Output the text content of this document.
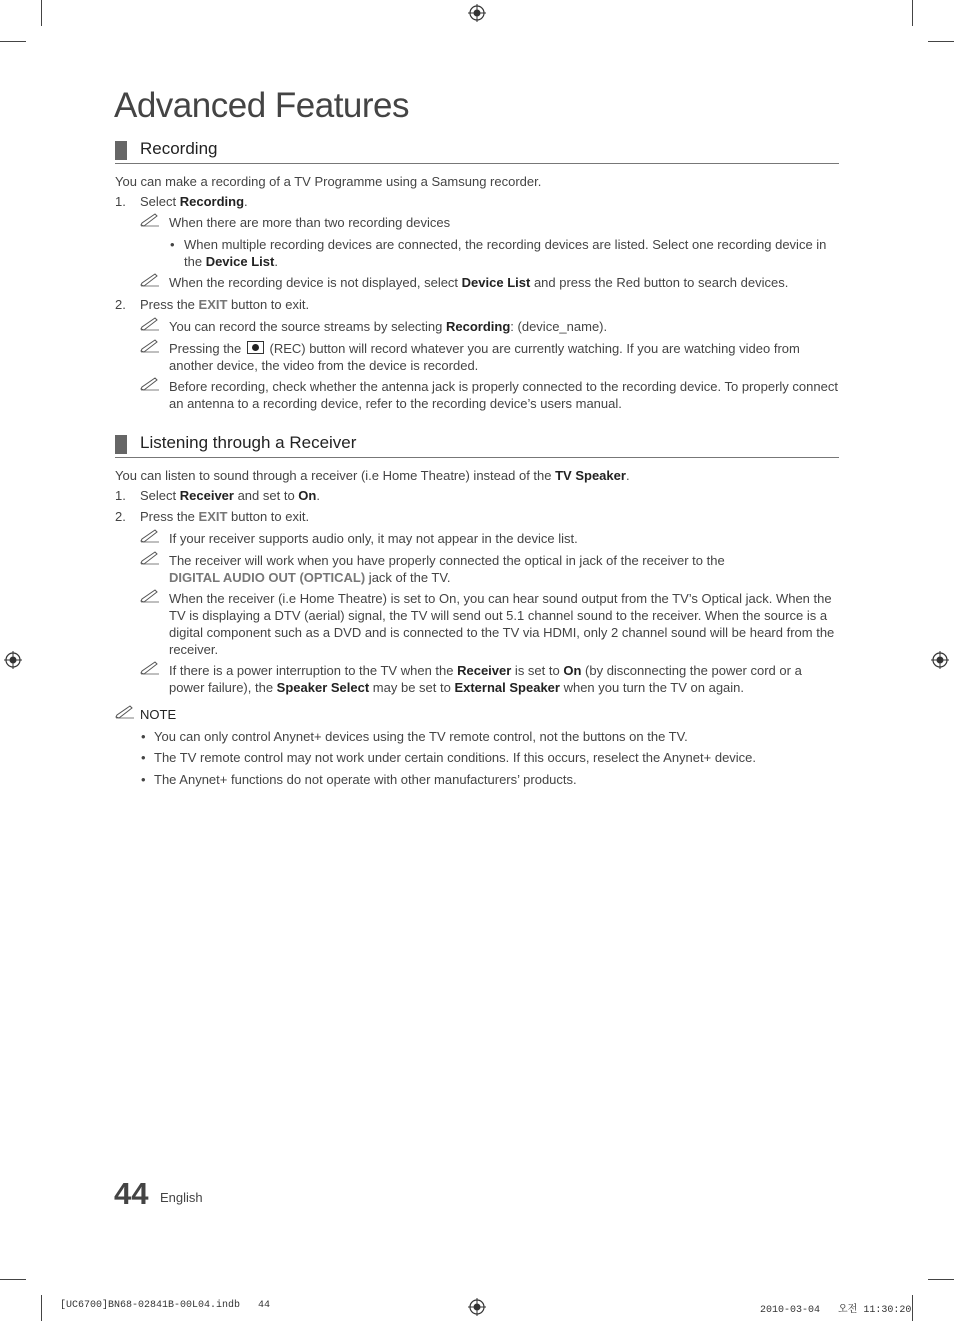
Advanced Features
Recording

You can make a recording of a TV Programme using a Samsung recorder.

1. Select Recording.

When there are more than two recording devices

• When multiple recording devices are connected, the recording devices are listed. Select one recording device in the Device List.

When the recording device is not displayed, select Device List and press the Red button to search devices.

2. Press the EXIT button to exit.

You can record the source streams by selecting Recording: (device_name).

Pressing the  (REC) button will record whatever you are currently watching. If you are watching video from another device, the video from the device is recorded.

Before recording, check whether the antenna jack is properly connected to the recording device. To properly connect an antenna to a recording device, refer to the recording device’s users manual.

Listening through a Receiver

You can listen to sound through a receiver (i.e Home Theatre) instead of the TV Speaker.

1. Select Receiver and set to On.

2. Press the EXIT button to exit.

If your receiver supports audio only, it may not appear in the device list.

The receiver will work when you have properly connected the optical in jack of the receiver to the
DIGITAL AUDIO OUT (OPTICAL) jack of the TV.

When the receiver (i.e Home Theatre) is set to On, you can hear sound output from the TV’s Optical jack. When the TV is displaying a DTV (aerial) signal, the TV will send out 5.1 channel sound to the receiver. When the source is a digital component such as a DVD and is connected to the TV via HDMI, only 2 channel sound will be heard from the receiver.

If there is a power interruption to the TV when the Receiver is set to On (by disconnecting the power cord or a power failure), the Speaker Select may be set to External Speaker when you turn the TV on again.

NOTE

• You can only control Anynet+ devices using the TV remote control, not the buttons on the TV.

• The TV remote control may not work under certain conditions. If this occurs, reselect the Anynet+ device.

• The Anynet+ functions do not operate with other manufacturers’ products.

44 English
[UC6700]BN68-02841B-00L04.indb   44	2010-03-04   오전 11:30:20
